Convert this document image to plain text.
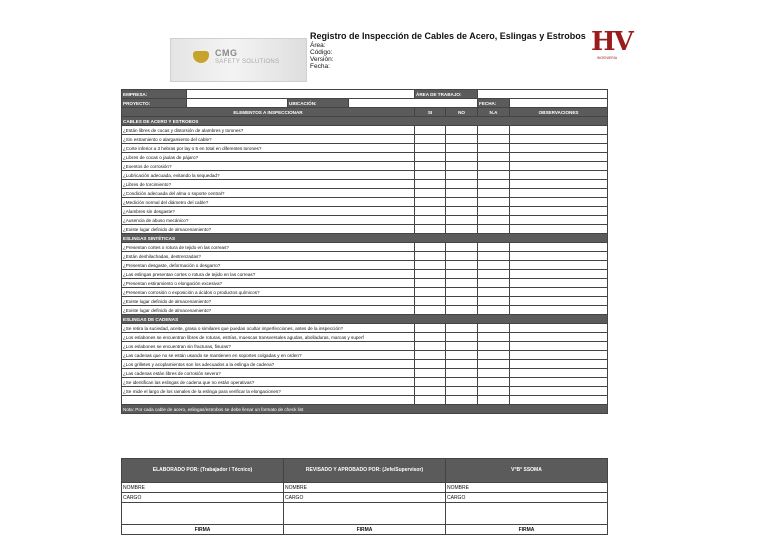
CMG
SAFETY SOLUTIONS
Registro de Inspección de Cables de Acero, Eslingas y Estrobos
Área:
Código:
Versión:
Fecha:
HV
INGENIERIA
EMPRESA:				ÁREA DE TRABAJO:			
PROYECTO:		UBICACIÓN:				FECHA:	
ELEMENTOS A INSPECCIONAR				SI	NO	N.A	OBSERVACIONES
CABLES DE ACERO Y ESTROBOS							
¿Están libres de cocas y distorsión de alambres y torones?							
¿Sin estramiento o alargamiento del cable?							
¿Corte inferior a 3 hebras por lay o 5 en total en diferentes torones?							
¿Libres de cocas o jaulas de pájaro?							
¿Exentos de corrosión?							
¿Lubricación adecuada, evitando la sequedad?							
¿Libres de torcimiento?							
¿Condición adecuada del alma o soporte central?							
¿Medición normal del diámetro del cable?							
¿Alambres sin desgaste?							
¿Ausencia de abuso mecánico?							
¿Existe lugar definido de almacenamiento?							
ESLINGAS SINTÉTICAS							
¿Presentan cortes o rotura de tejido en las correas?							
¿Están deshilachadas, destrenzadas?							
¿Presentan desgaste, deformación o desgarro?							
¿Las eslingas presentan cortes o rotura de tejido en las correas?							
¿Presentan estiramiento o elongación excesiva?							
¿Presentan corrosión o exposición a ácidos o productos químicos?							
¿Existe lugar definido de almacenamiento?							
¿Existe lugar definido de almacenamiento?							
ESLINGAS DE CADENAS							
¿Se retira la suciedad, aceite, grasa o similares que puedan ocultar imperfecciones, antes de la inspección?							
¿Los eslabones se encuentran libres de roturas, estrías, muescas transversales agudas, abolladuras, marcas y superf							
¿Los eslabones se encuentran sin fracturas, fisuras?							
¿Las cadenas que no se están usando se mantienen en soportes colgadas y en orden?							
¿Los grilletes y acoplamientos son los adecuados a la eslinga de cadena?							
¿Las cadenas están libres de corrosión severa?							
¿Se identifican las eslingas de cadena que no están operativas?							
¿Se mide el largo de los ramales de la eslinga para verificar la elongaciones?							

Nota: Por cada cable de acero, eslingas/estrobos se debe llenar un formato de check list							
ELABORADO POR: (Trabajador / Técnico)	REVISADO Y APROBADO POR: (Jefe/Supervisor)	V°B° SSOMA
NOMBRE	NOMBRE	NOMBRE
CARGO	CARGO	CARGO

FIRMA	FIRMA	FIRMA
